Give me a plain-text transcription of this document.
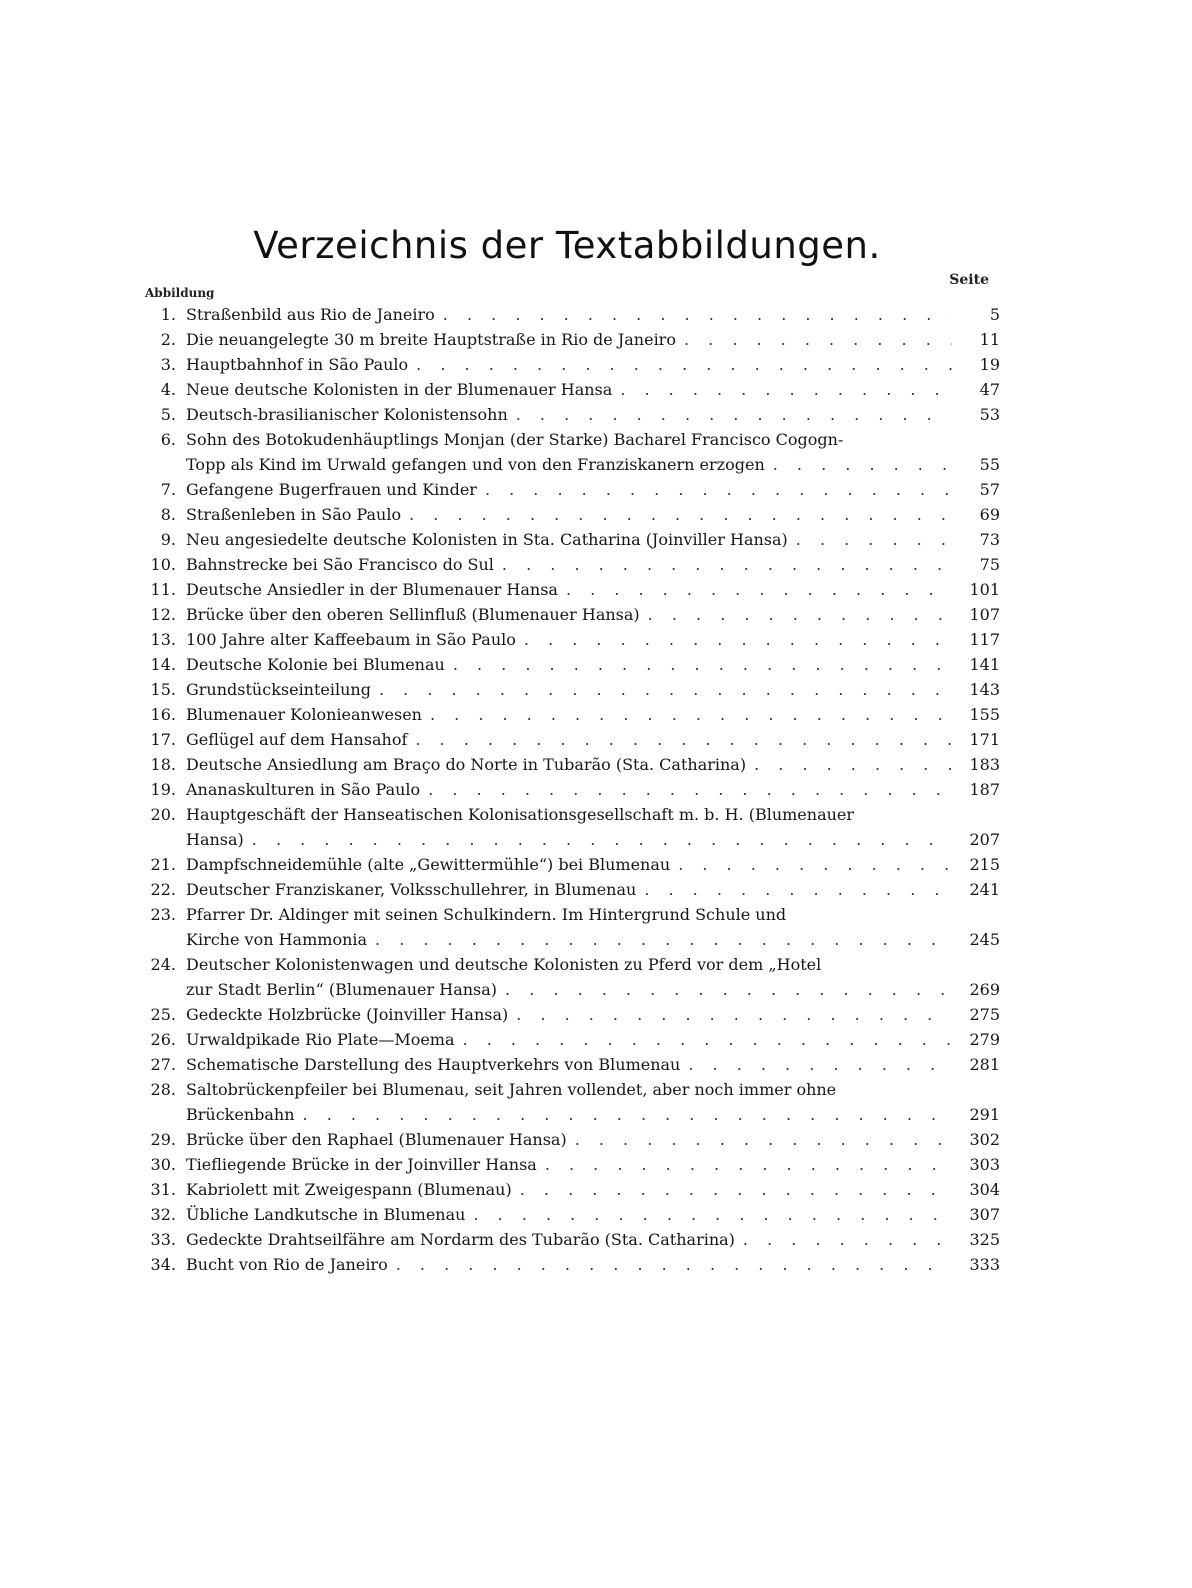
Verzeichnis der Textabbildungen.
Abbildung
Seite
1. Straßenbild aus Rio de Janeiro . . .	5
2. Die neuangelegte 30 m breite Hauptstraße in Rio de Janeiro . . .	11
3. Hauptbahnhof in São Paulo . . .	19
4. Neue deutsche Kolonisten in der Blumenauer Hansa . . .	47
5. Deutsch-brasilianischer Kolonistensohn . . .	53
6. Sohn des Botokudenhäuptlings Monjan (der Starke) Bacharel Francisco Cogogn-
Topp als Kind im Urwald gefangen und von den Franziskanern erzogen . . .	55
7. Gefangene Bugerfrauen und Kinder . . .	57
8. Straßenleben in São Paulo . . .	69
9. Neu angesiedelte deutsche Kolonisten in Sta. Catharina (Joinviller Hansa) . . .	73
10. Bahnstrecke bei São Francisco do Sul . . .	75
11. Deutsche Ansiedler in der Blumenauer Hansa . . .	101
12. Brücke über den oberen Sellinfluß (Blumenauer Hansa) . . .	107
13. 100 Jahre alter Kaffeebaum in São Paulo . . .	117
14. Deutsche Kolonie bei Blumenau . . .	141
15. Grundstückseinteilung . . .	143
16. Blumenauer Kolonieanwesen . . .	155
17. Geflügel auf dem Hansahof . . .	171
18. Deutsche Ansiedlung am Braço do Norte in Tubarão (Sta. Catharina) . . .	183
19. Ananaskulturen in São Paulo . . .	187
20. Hauptgeschäft der Hanseatischen Kolonisationsgesellschaft m. b. H. (Blumenauer
Hansa) . . .	207
21. Dampfschneidemühle (alte „Gewittermühle“) bei Blumenau . . .	215
22. Deutscher Franziskaner, Volksschullehrer, in Blumenau . . .	241
23. Pfarrer Dr. Aldinger mit seinen Schulkindern. Im Hintergrund Schule und
Kirche von Hammonia . . .	245
24. Deutscher Kolonistenwagen und deutsche Kolonisten zu Pferd vor dem „Hotel
zur Stadt Berlin“ (Blumenauer Hansa) . . .	269
25. Gedeckte Holzbrücke (Joinviller Hansa) . . .	275
26. Urwaldpikade Rio Plate—Moema . . .	279
27. Schematische Darstellung des Hauptverkehrs von Blumenau . . .	281
28. Saltobrückenpfeiler bei Blumenau, seit Jahren vollendet, aber noch immer ohne
Brückenbahn . . .	291
29. Brücke über den Raphael (Blumenauer Hansa) . . .	302
30. Tiefliegende Brücke in der Joinviller Hansa . . .	303
31. Kabriolett mit Zweigespann (Blumenau) . . .	304
32. Übliche Landkutsche in Blumenau . . .	307
33. Gedeckte Drahtseilfähre am Nordarm des Tubarão (Sta. Catharina) . . .	325
34. Bucht von Rio de Janeiro . . .	333
